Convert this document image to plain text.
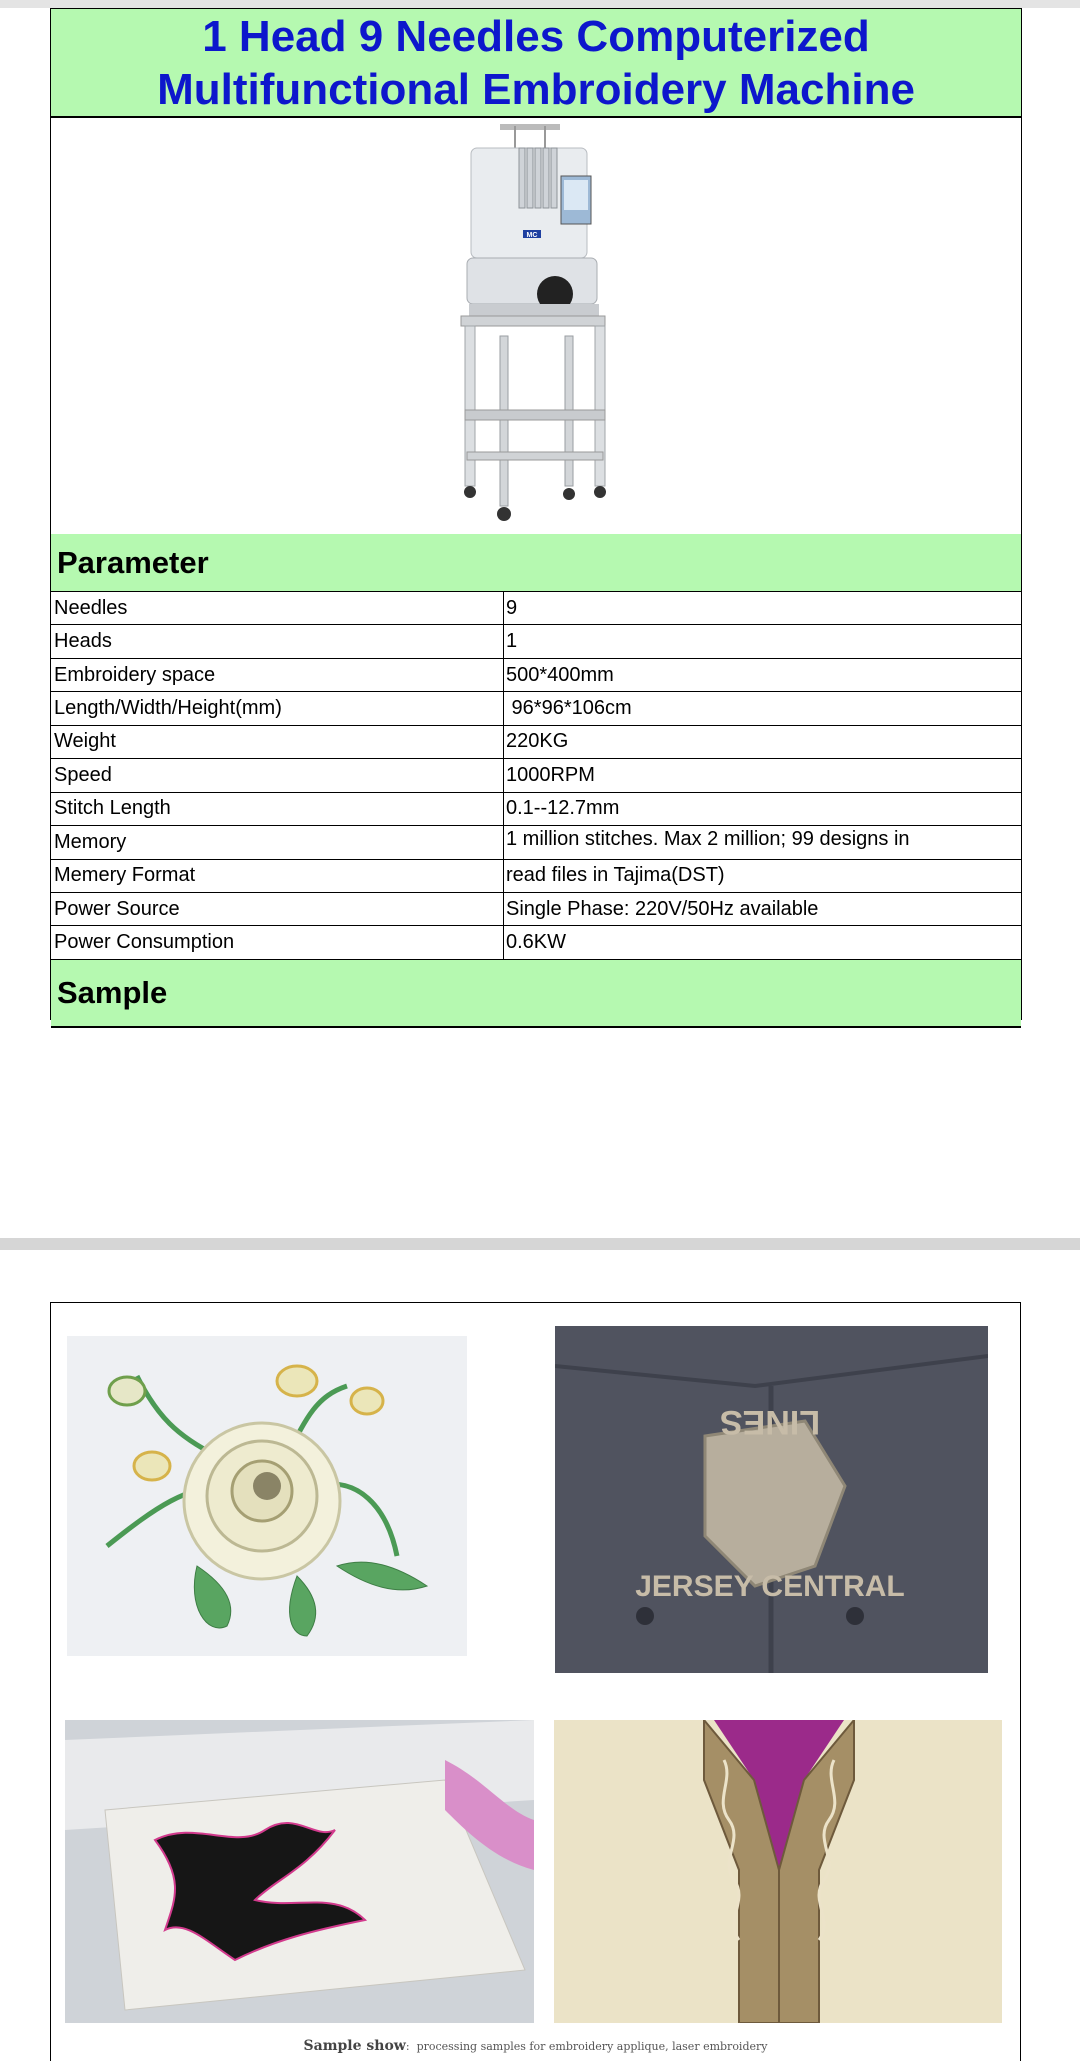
1 Head 9 Needles Computerized
Multifunctional Embroidery Machine
MC
Parameter
Needles	9
Heads	1
Embroidery space	500*400mm
Length/Width/Height(mm)	96*96*106cm
Weight	220KG
Speed	1000RPM
Stitch Length	0.1--12.7mm
Memory	1 million stitches. Max 2 million; 99 designs in
Memery Format	read files in Tajima(DST)
Power Source	Single Phase: 220V/50Hz available
Power Consumption	0.6KW
Sample
LINES
JERSEY CENTRAL
Sample show:  processing samples for embroidery applique, laser embroidery
